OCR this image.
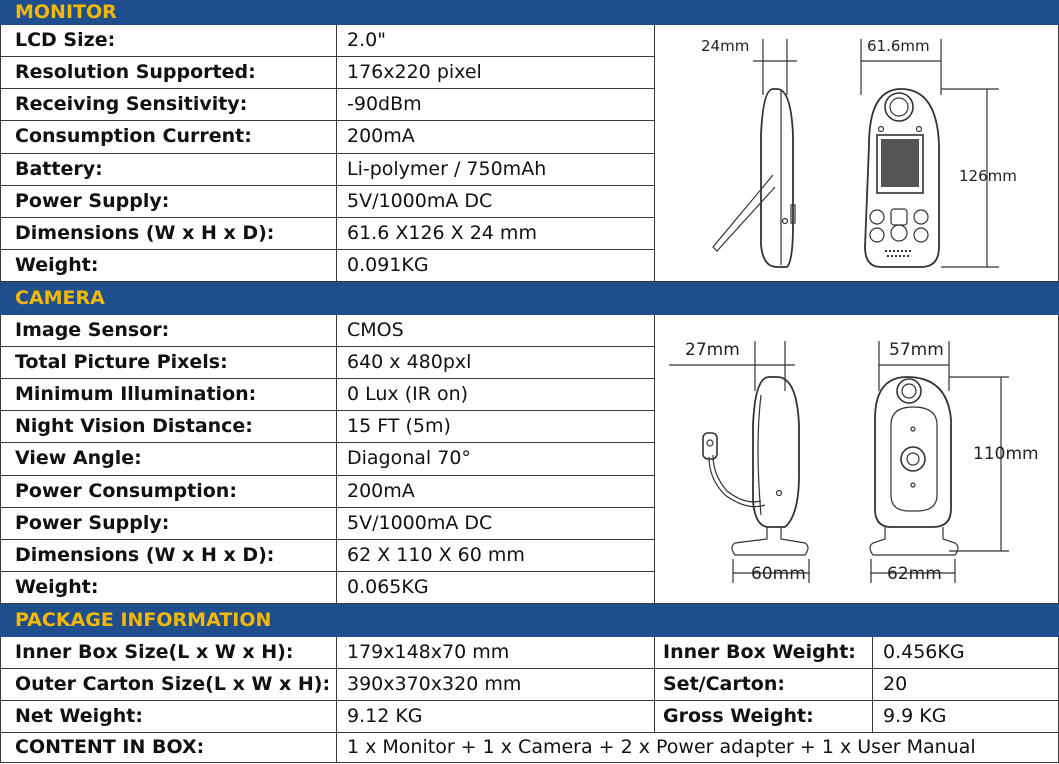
MONITOR			
LCD Size:	2.0"	24mm 61.6mm
126mm	

Resolution Supported:	176x220 pixel		
Receiving Sensitivity:	-90dBm		
Consumption Current:	200mA		
Battery:	Li-polymer / 750mAh		
Power Supply:	5V/1000mA DC		
Dimensions (W x H x D):	61.6 X126 X 24 mm		
Weight:	0.091KG		
CAMERA			
Image Sensor:	CMOS	27mm 57mm
110mm
60mm 62mm	

Total Picture Pixels:	640 x 480pxl		
Minimum Illumination:	0 Lux (IR on)		
Night Vision Distance:	15 FT (5m)		
View Angle:	Diagonal 70°		
Power Consumption:	200mA		
Power Supply:	5V/1000mA DC		
Dimensions (W x H x D):	62 X 110 X 60 mm		
Weight:	0.065KG		
PACKAGE INFORMATION			
Inner Box Size(L x W x H):	179x148x70 mm	Inner Box Weight:	0.456KG
Outer Carton Size(L x W x H):	390x370x320 mm	Set/Carton:	20
Net Weight:	9.12 KG	Gross Weight:	9.9 KG
CONTENT IN BOX:	1 x Monitor + 1 x Camera + 2 x Power adapter + 1 x User Manual		
